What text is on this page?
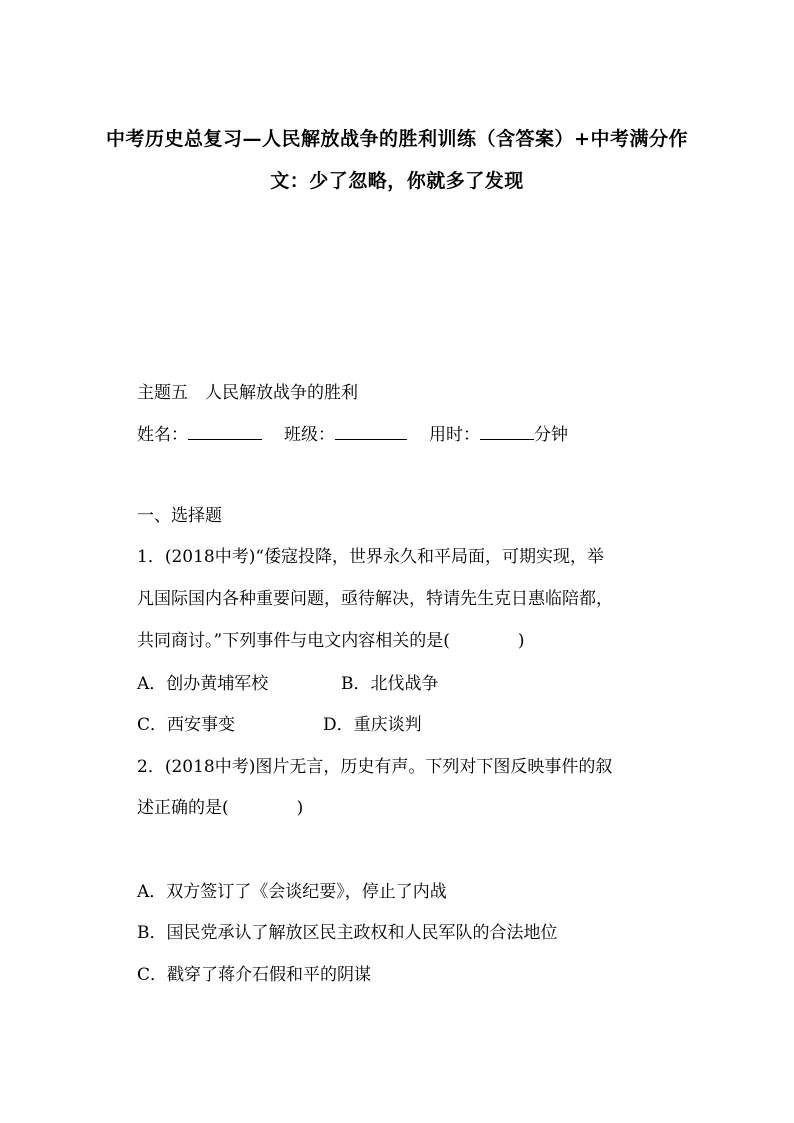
中考历史总复习—人民解放战争的胜利训练（含答案）+中考满分作
文：少了忽略，你就多了发现
主题五　人民解放战争的胜利
姓名：	班级：	用时：	分钟
一、选择题
1．(2018中考)“倭寇投降，世界永久和平局面，可期实现，举
凡国际国内各种重要问题，亟待解决，特请先生克日惠临陪都，
共同商讨。”下列事件与电文内容相关的是(　　　　)
A．创办黄埔军校	B．北伐战争
C．西安事变	D．重庆谈判
2．(2018中考)图片无言，历史有声。下列对下图反映事件的叙
述正确的是(　　　　)
A．双方签订了《会谈纪要》，停止了内战
B．国民党承认了解放区民主政权和人民军队的合法地位
C．戳穿了蒋介石假和平的阴谋
